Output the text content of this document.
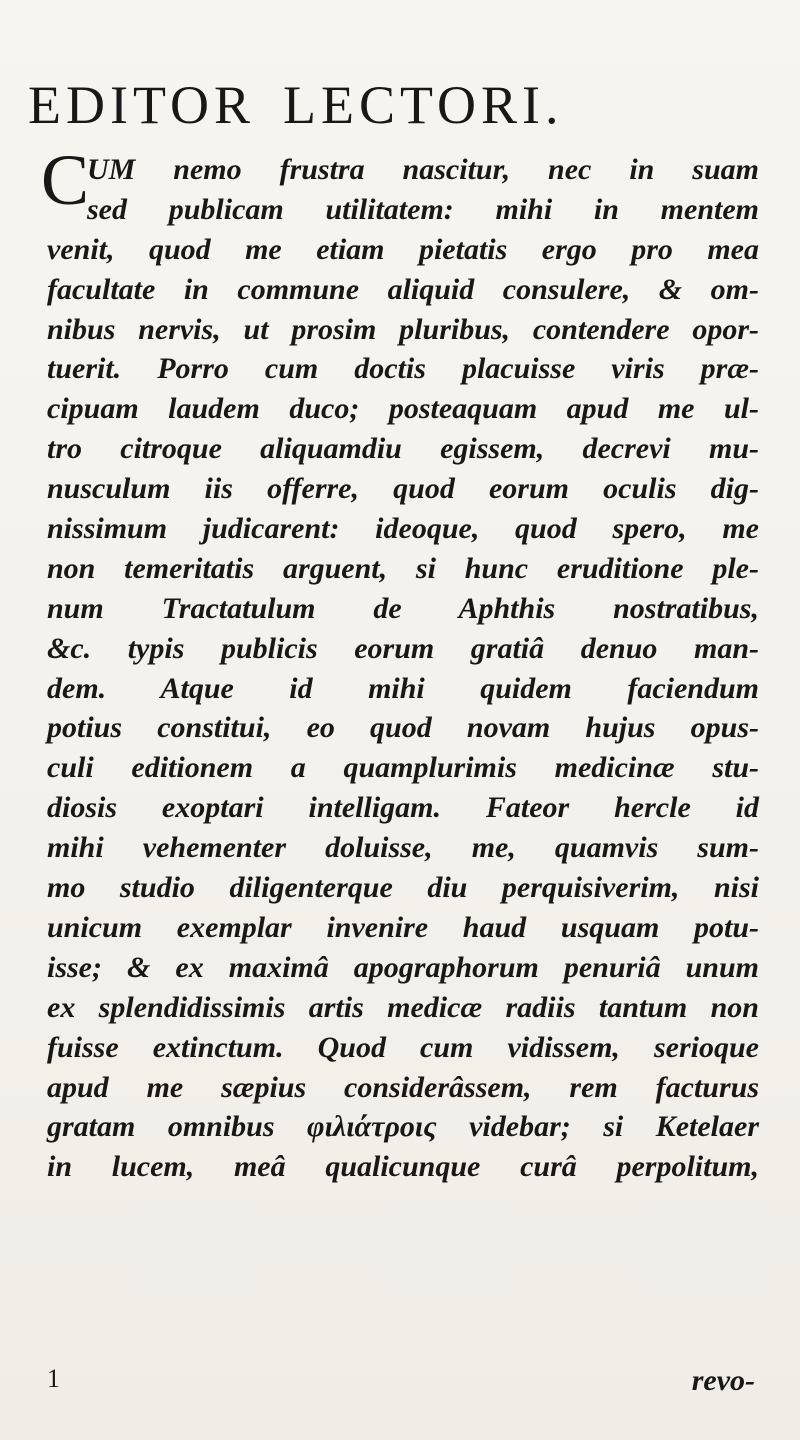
EDITOR LECTORI.
C
UM nemo frustra nascitur, nec in suam
sed publicam utilitatem: mihi in mentem
venit, quod me etiam pietatis ergo pro mea
facultate in commune aliquid consulere, & om-
nibus nervis, ut prosim pluribus, contendere opor-
tuerit. Porro cum doctis placuisse viris præ-
cipuam laudem duco; posteaquam apud me ul-
tro citroque aliquamdiu egissem, decrevi mu-
nusculum iis offerre, quod eorum oculis dig-
nissimum judicarent: ideoque, quod spero, me
non temeritatis arguent, si hunc eruditione ple-
num Tractatulum de Aphthis nostratibus,
&c. typis publicis eorum gratiâ denuo man-
dem. Atque id mihi quidem faciendum
potius constitui, eo quod novam hujus opus-
culi editionem a quamplurimis medicinæ stu-
diosis exoptari intelligam. Fateor hercle id
mihi vehementer doluisse, me, quamvis sum-
mo studio diligenterque diu perquisiverim, nisi
unicum exemplar invenire haud usquam potu-
isse; & ex maximâ apographorum penuriâ unum
ex splendidissimis artis medicæ radiis tantum non
fuisse extinctum. Quod cum vidissem, serioque
apud me sæpius considerâssem, rem facturus
gratam omnibus φιλιάτροις videbar; si Ketelaer
in lucem, meâ qualicunque curâ perpolitum,
1	revo-
